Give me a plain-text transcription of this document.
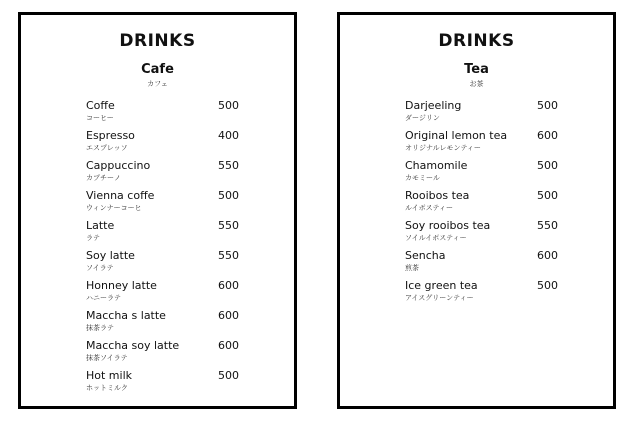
DRINKS
Cafe
カフェ
Coffe
コーヒー
500
Espresso
エスプレッソ
400
Cappuccino
カプチーノ
550
Vienna coffe
ウィンナーコーヒ
500
Latte
ラテ
550
Soy latte
ソイラテ
550
Honney latte
ハニーラテ
600
Maccha s latte
抹茶ラテ
600
Maccha soy latte
抹茶ソイラテ
600
Hot milk
ホットミルク
500
DRINKS
Tea
お茶
Darjeeling
ダージリン
500
Original lemon tea
オリジナルレモンティー
600
Chamomile
カモミール
500
Rooibos tea
ルイボスティー
500
Soy rooibos tea
ソイルイボスティー
550
Sencha
煎茶
600
Ice green tea
アイスグリーンティー
500
